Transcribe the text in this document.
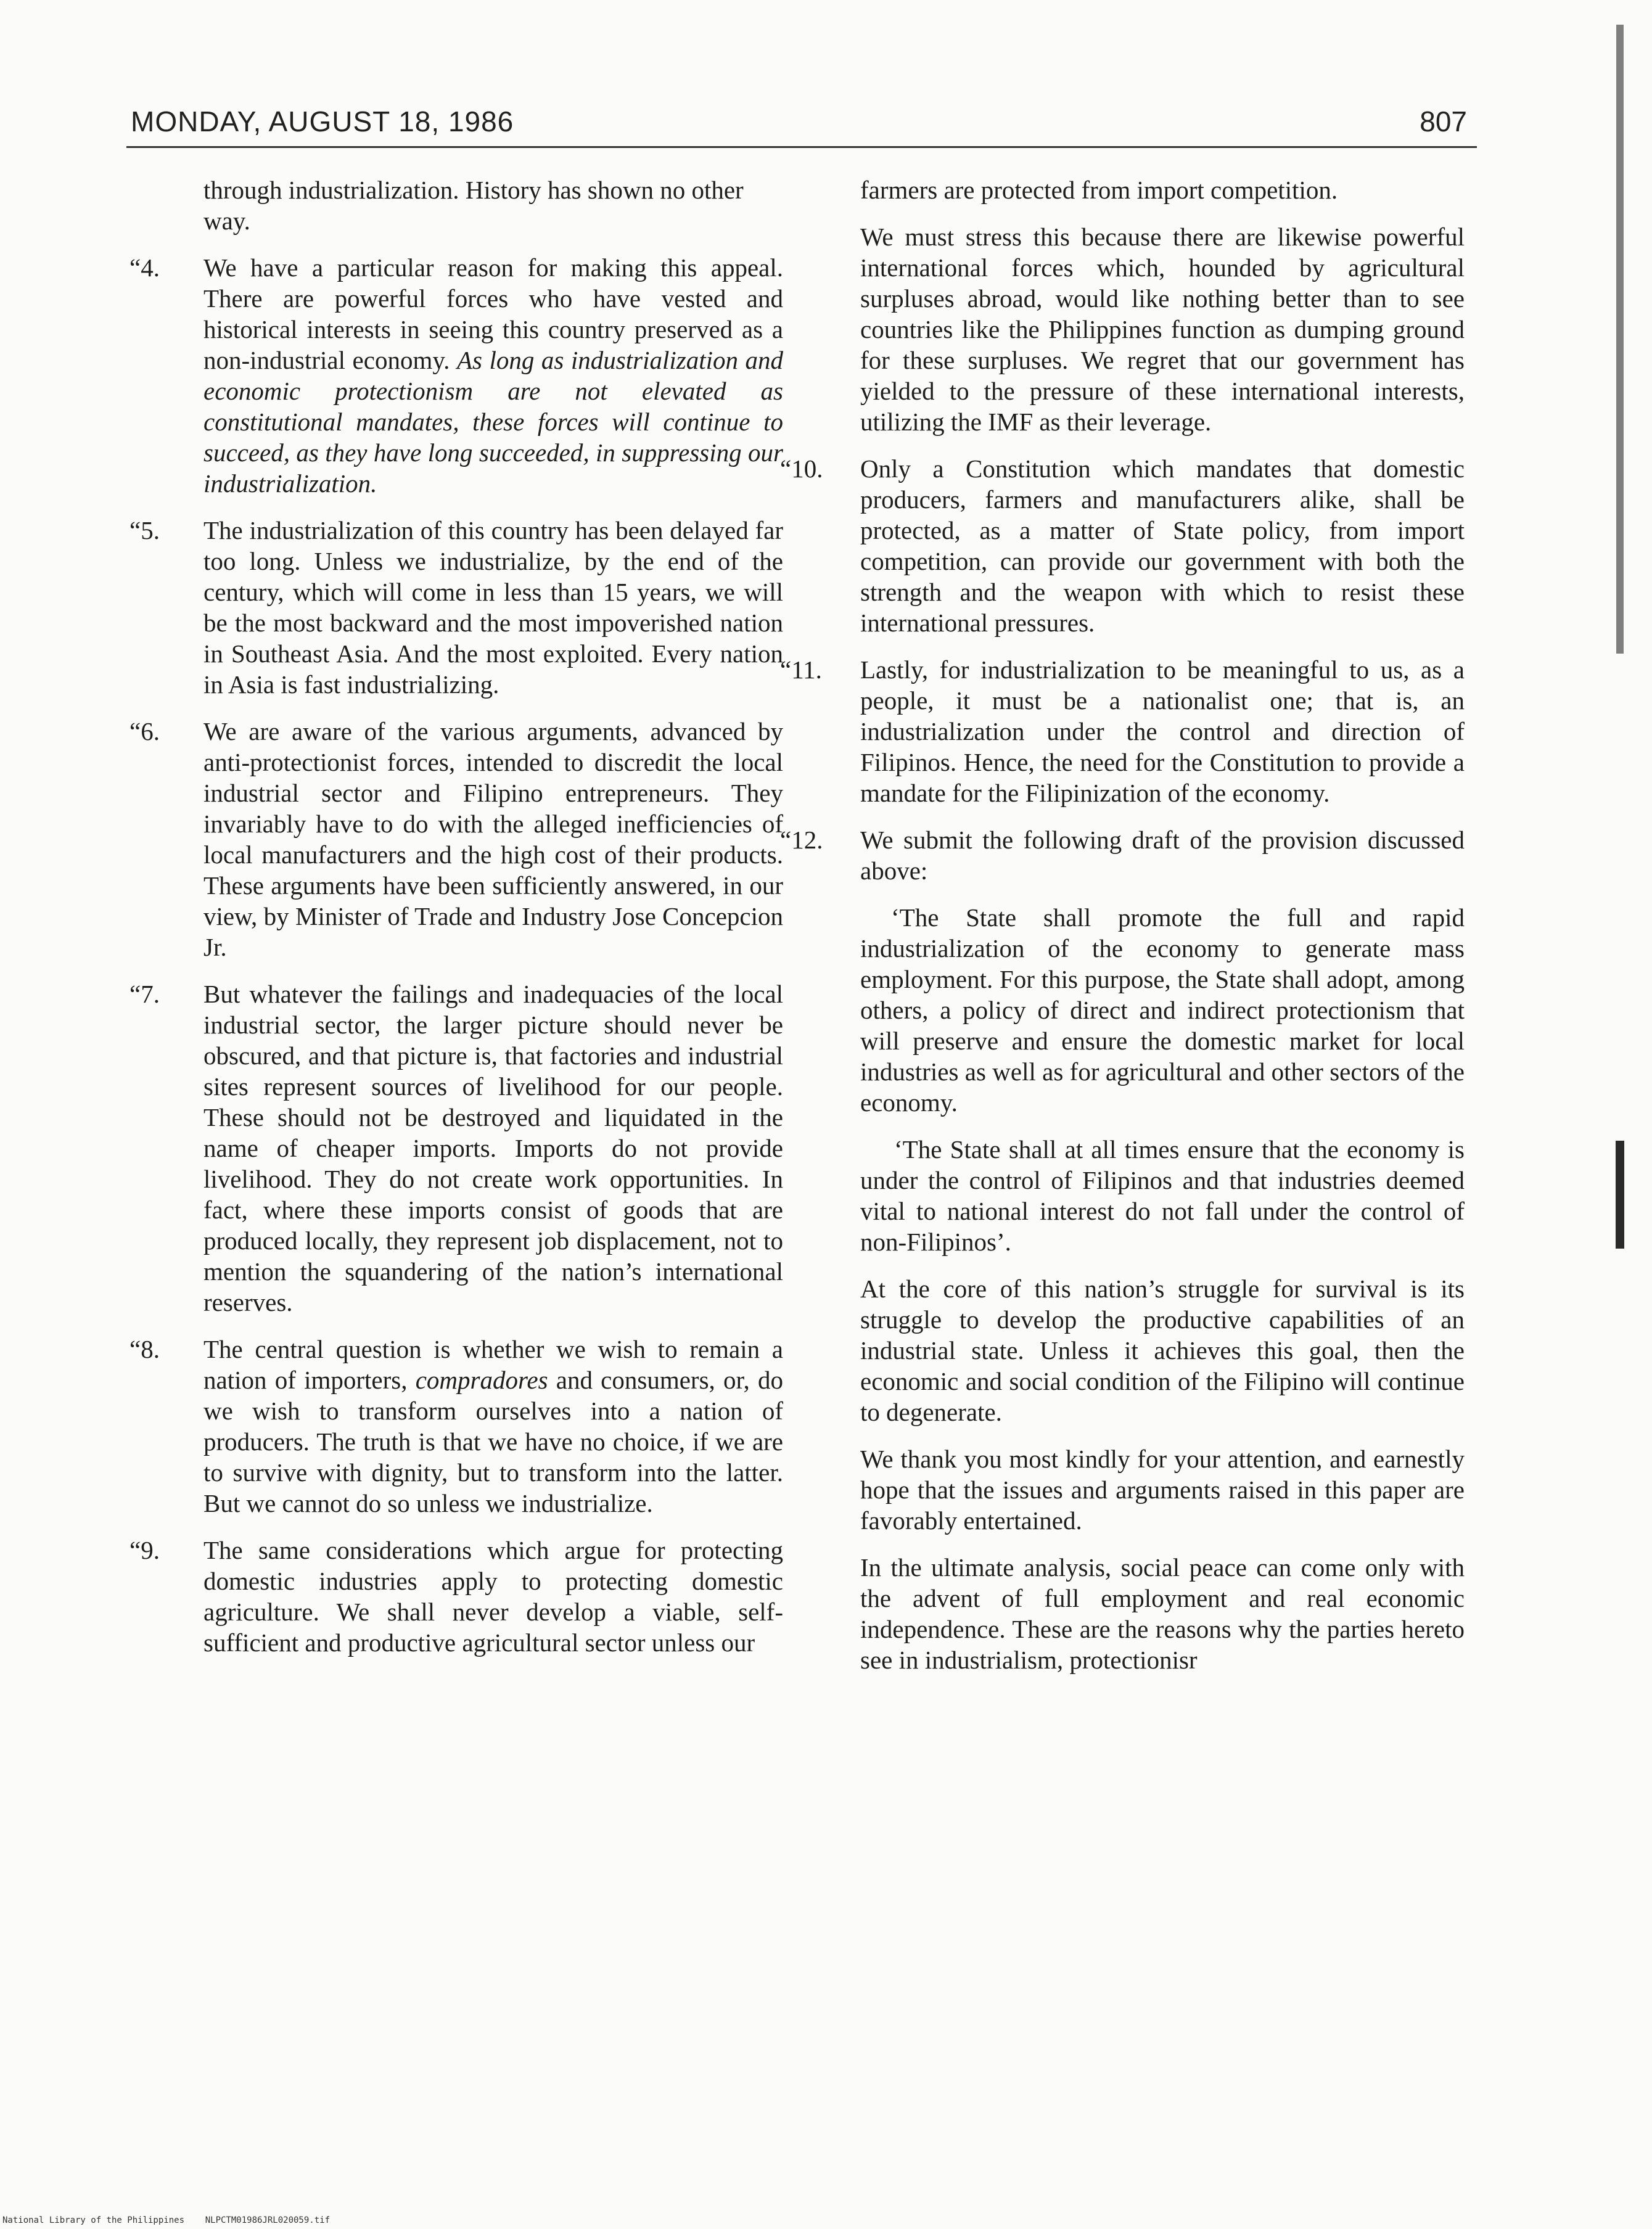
MONDAY, AUGUST 18, 1986	807

through industrialization. History has shown no other way.

“4. We have a particular reason for making this appeal. There are powerful forces who have vested and historical interests in seeing this country preserved as a non-industrial economy. As long as industrialization and economic protectionism are not elevated as constitutional mandates, these forces will continue to succeed, as they have long succeeded, in suppressing our industrialization.
“5. The industrialization of this country has been delayed far too long. Unless we industrialize, by the end of the century, which will come in less than 15 years, we will be the most backward and the most impoverished nation in Southeast Asia. And the most exploited. Every nation in Asia is fast industrializing.
“6. We are aware of the various arguments, advanced by anti-protectionist forces, intended to discredit the local industrial sector and Filipino entrepreneurs. They invariably have to do with the alleged inefficiencies of local manufacturers and the high cost of their products. These arguments have been sufficiently answered, in our view, by Minister of Trade and Industry Jose Concepcion Jr.
“7. But whatever the failings and inadequacies of the local industrial sector, the larger picture should never be obscured, and that picture is, that factories and industrial sites represent sources of livelihood for our people. These should not be destroyed and liquidated in the name of cheaper imports. Imports do not provide livelihood. They do not create work opportunities. In fact, where these imports consist of goods that are produced locally, they represent job displacement, not to mention the squandering of the nation’s international reserves.
“8. The central question is whether we wish to remain a nation of importers, compradores and consumers, or, do we wish to transform ourselves into a nation of producers. The truth is that we have no choice, if we are to survive with dignity, but to transform into the latter. But we cannot do so unless we industrialize.
“9. The same considerations which argue for protecting domestic industries apply to protecting domestic agriculture. We shall never develop a viable, self-sufficient and productive agricultural sector unless our

farmers are protected from import competition.

We must stress this because there are likewise powerful international forces which, hounded by agricultural surpluses abroad, would like nothing better than to see countries like the Philippines function as dumping ground for these surpluses. We regret that our government has yielded to the pressure of these international interests, utilizing the IMF as their leverage.

“10. Only a Constitution which mandates that domestic producers, farmers and manufacturers alike, shall be protected, as a matter of State policy, from import competition, can provide our government with both the strength and the weapon with which to resist these international pressures.
“11. Lastly, for industrialization to be meaningful to us, as a people, it must be a nationalist one; that is, an industrialization under the control and direction of Filipinos. Hence, the need for the Constitution to provide a mandate for the Filipinization of the economy.
“12. We submit the following draft of the provision discussed above:

‘The State shall promote the full and rapid industrialization of the economy to generate mass employment. For this purpose, the State shall adopt, among others, a policy of direct and indirect protectionism that will preserve and ensure the domestic market for local industries as well as for agricultural and other sectors of the economy.

‘The State shall at all times ensure that the economy is under the control of Filipinos and that industries deemed vital to national interest do not fall under the control of non-Filipinos’.

At the core of this nation’s struggle for survival is its struggle to develop the productive capabilities of an industrial state. Unless it achieves this goal, then the economic and social condition of the Filipino will continue to degenerate.

We thank you most kindly for your attention, and earnestly hope that the issues and arguments raised in this paper are favorably entertained.

In the ultimate analysis, social peace can come only with the advent of full employment and real economic independence. These are the reasons why the parties hereto see in industrialism, protectionisr

National Library of the Philippines    NLPCTM01986JRL020059.tif
